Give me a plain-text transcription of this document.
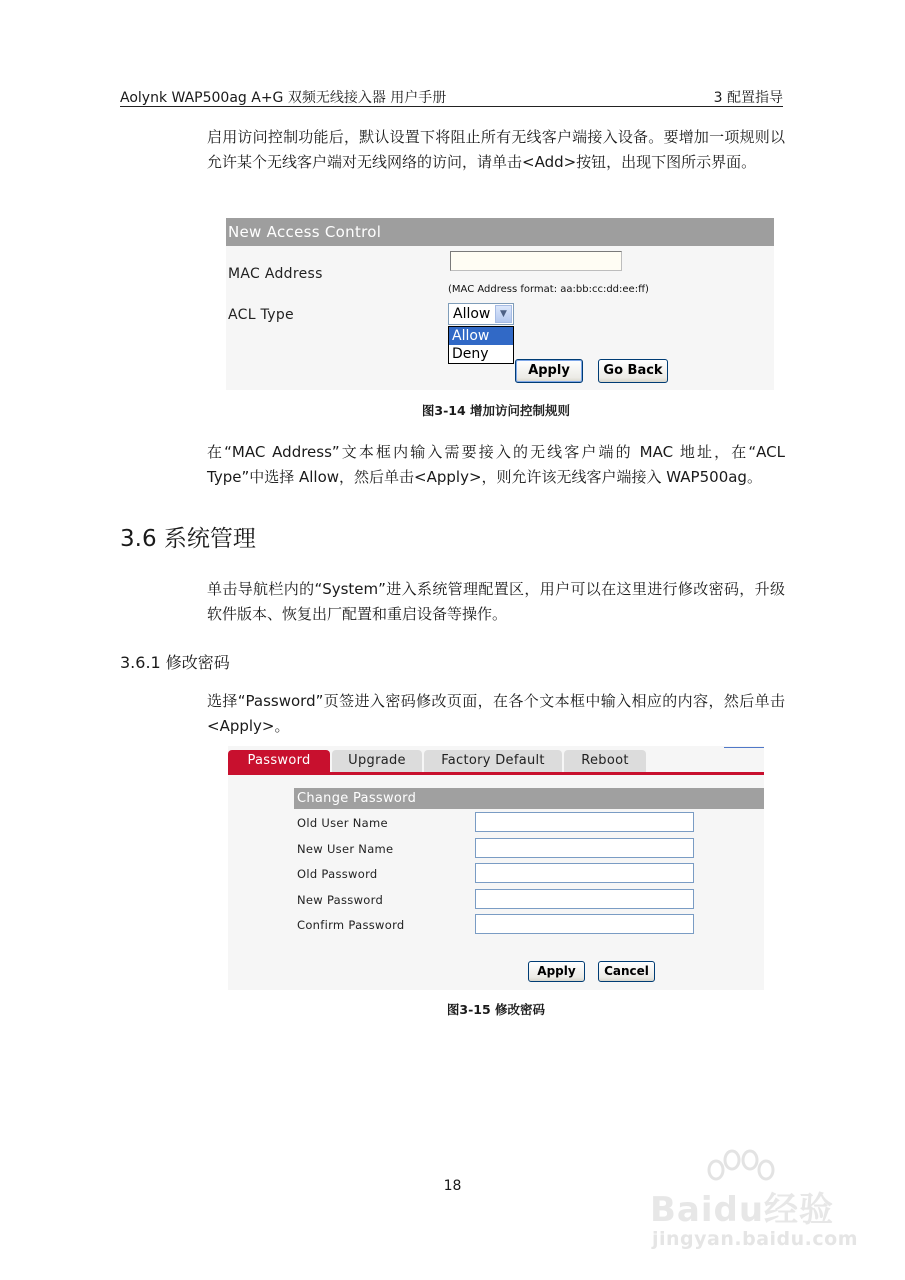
Aolynk WAP500ag A+G 双频无线接入器 用户手册	3 配置指导
启用访问控制功能后，默认设置下将阻止所有无线客户端接入设备。要增加一项规则以允许某个无线客户端对无线网络的访问，请单击<Add>按钮，出现下图所示界面。
New Access Control
MAC Address
(MAC Address format: aa:bb:cc:dd:ee:ff)
ACL Type	Allow	▼
Allow
Deny
Apply	Go Back
图3-14 增加访问控制规则
在“MAC Address”文本框内输入需要接入的无线客户端的 MAC 地址，在“ACL Type”中选择 Allow，然后单击<Apply>，则允许该无线客户端接入 WAP500ag。
3.6 系统管理
单击导航栏内的“System”进入系统管理配置区，用户可以在这里进行修改密码，升级软件版本、恢复出厂配置和重启设备等操作。
3.6.1 修改密码
选择“Password”页签进入密码修改页面，在各个文本框中输入相应的内容，然后单击<Apply>。
Password	Upgrade	Factory Default	Reboot
Change Password
Old User Name
New User Name
Old Password
New Password
Confirm Password
Apply	Cancel
图3-15 修改密码
18
Baidu经验
jingyan.baidu.com
